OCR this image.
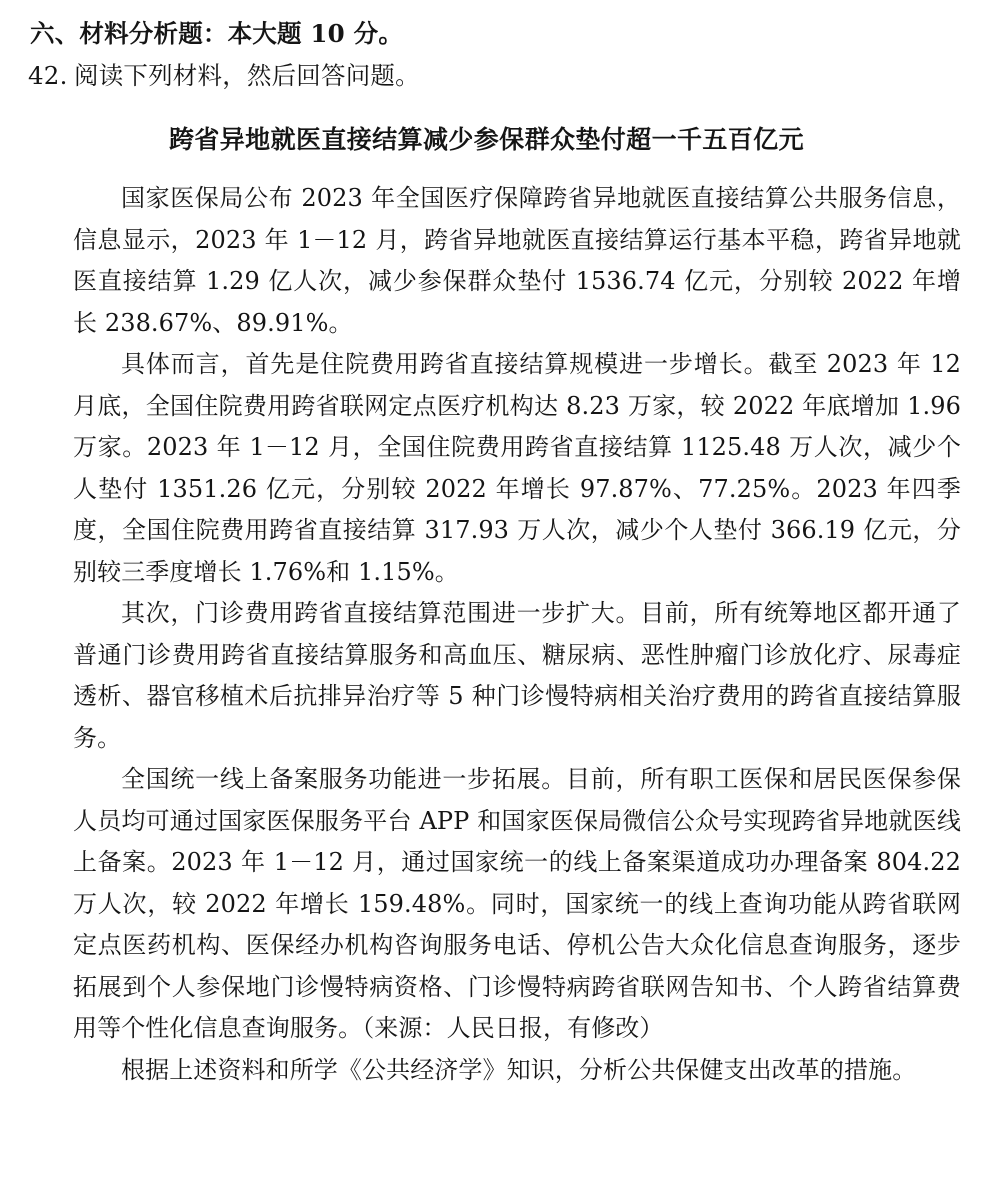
六、材料分析题：本大题 10 分。
42. 阅读下列材料，然后回答问题。
跨省异地就医直接结算减少参保群众垫付超一千五百亿元

国家医保局公布 2023 年全国医疗保障跨省异地就医直接结算公共服务信息，信息显示，2023 年 1－12 月，跨省异地就医直接结算运行基本平稳，跨省异地就医直接结算 1.29 亿人次，减少参保群众垫付 1536.74 亿元，分别较 2022 年增长 238.67%、89.91%。

具体而言，首先是住院费用跨省直接结算规模进一步增长。截至 2023 年 12 月底，全国住院费用跨省联网定点医疗机构达 8.23 万家，较 2022 年底增加 1.96 万家。2023 年 1－12 月，全国住院费用跨省直接结算 1125.48 万人次，减少个人垫付 1351.26 亿元，分别较 2022 年增长 97.87%、77.25%。2023 年四季度，全国住院费用跨省直接结算 317.93 万人次，减少个人垫付 366.19 亿元，分别较三季度增长 1.76%和 1.15%。

其次，门诊费用跨省直接结算范围进一步扩大。目前，所有统筹地区都开通了普通门诊费用跨省直接结算服务和高血压、糖尿病、恶性肿瘤门诊放化疗、尿毒症透析、器官移植术后抗排异治疗等 5 种门诊慢特病相关治疗费用的跨省直接结算服务。

全国统一线上备案服务功能进一步拓展。目前，所有职工医保和居民医保参保人员均可通过国家医保服务平台 APP 和国家医保局微信公众号实现跨省异地就医线上备案。2023 年 1－12 月，通过国家统一的线上备案渠道成功办理备案 804.22 万人次，较 2022 年增长 159.48%。同时，国家统一的线上查询功能从跨省联网定点医药机构、医保经办机构咨询服务电话、停机公告大众化信息查询服务，逐步拓展到个人参保地门诊慢特病资格、门诊慢特病跨省联网告知书、个人跨省结算费用等个性化信息查询服务。（来源：人民日报，有修改）

根据上述资料和所学《公共经济学》知识，分析公共保健支出改革的措施。
